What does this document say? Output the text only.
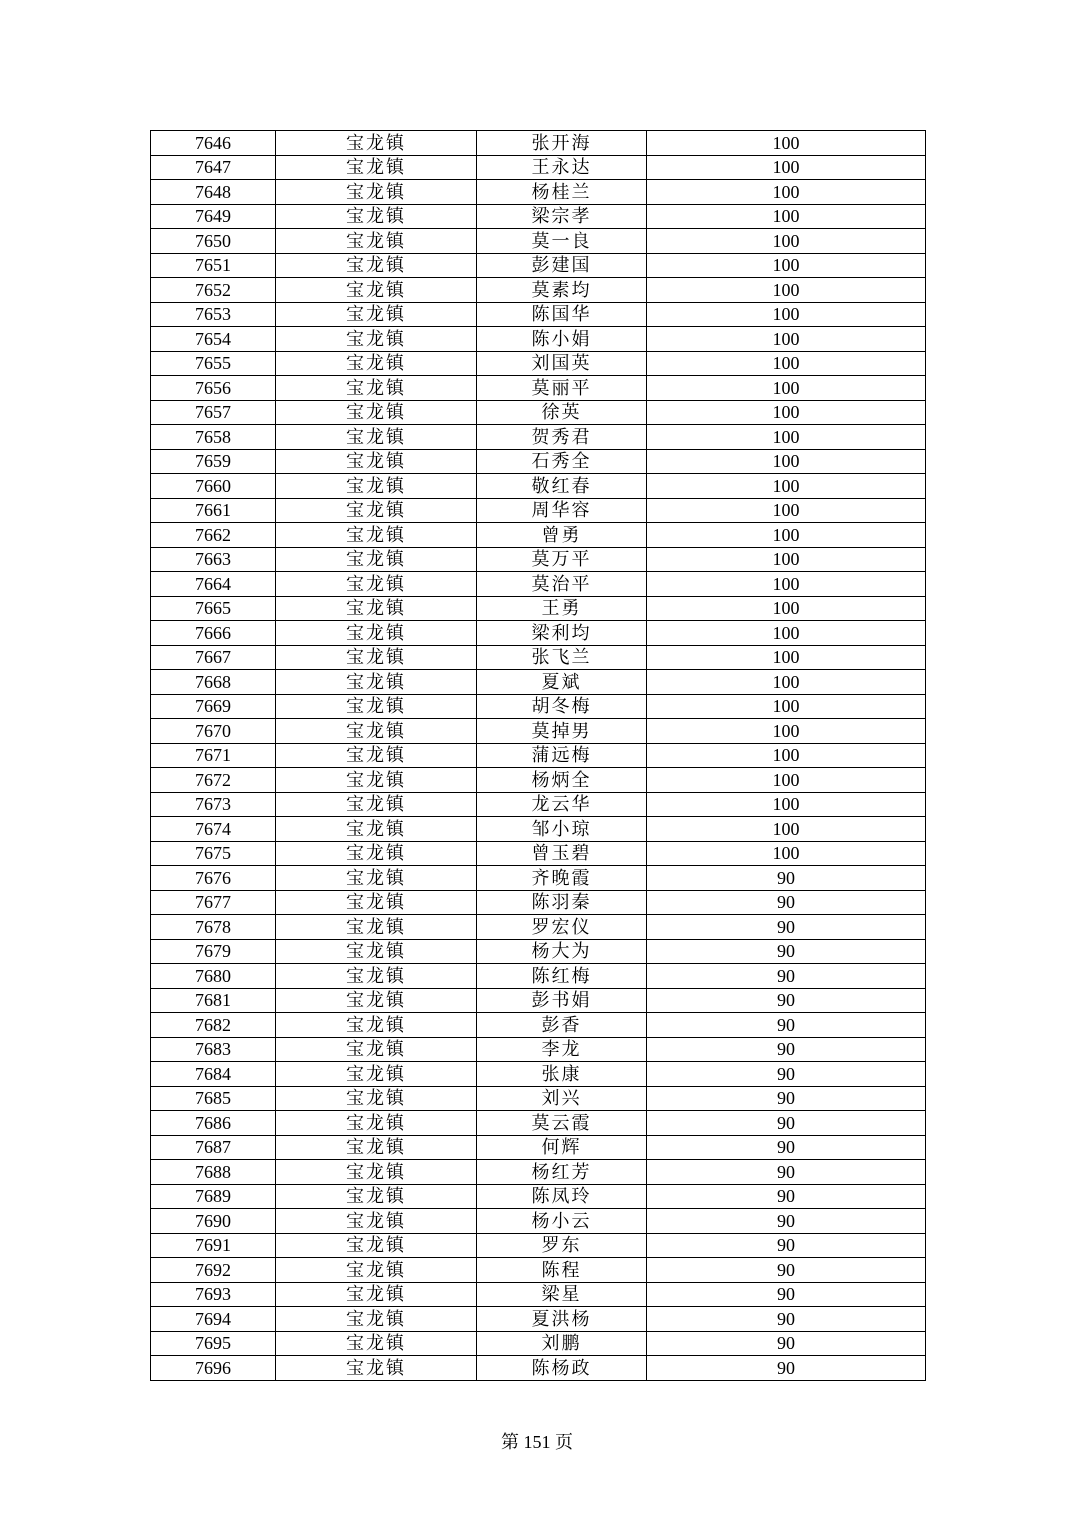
7646	宝龙镇	张开海	100
7647	宝龙镇	王永达	100
7648	宝龙镇	杨桂兰	100
7649	宝龙镇	梁宗孝	100
7650	宝龙镇	莫一良	100
7651	宝龙镇	彭建国	100
7652	宝龙镇	莫素均	100
7653	宝龙镇	陈国华	100
7654	宝龙镇	陈小娟	100
7655	宝龙镇	刘国英	100
7656	宝龙镇	莫丽平	100
7657	宝龙镇	徐英	100
7658	宝龙镇	贺秀君	100
7659	宝龙镇	石秀全	100
7660	宝龙镇	敬红春	100
7661	宝龙镇	周华容	100
7662	宝龙镇	曾勇	100
7663	宝龙镇	莫万平	100
7664	宝龙镇	莫治平	100
7665	宝龙镇	王勇	100
7666	宝龙镇	梁利均	100
7667	宝龙镇	张飞兰	100
7668	宝龙镇	夏斌	100
7669	宝龙镇	胡冬梅	100
7670	宝龙镇	莫掉男	100
7671	宝龙镇	蒲远梅	100
7672	宝龙镇	杨炳全	100
7673	宝龙镇	龙云华	100
7674	宝龙镇	邹小琼	100
7675	宝龙镇	曾玉碧	100
7676	宝龙镇	齐晚霞	90
7677	宝龙镇	陈羽秦	90
7678	宝龙镇	罗宏仪	90
7679	宝龙镇	杨大为	90
7680	宝龙镇	陈红梅	90
7681	宝龙镇	彭书娟	90
7682	宝龙镇	彭香	90
7683	宝龙镇	李龙	90
7684	宝龙镇	张康	90
7685	宝龙镇	刘兴	90
7686	宝龙镇	莫云霞	90
7687	宝龙镇	何辉	90
7688	宝龙镇	杨红芳	90
7689	宝龙镇	陈凤玲	90
7690	宝龙镇	杨小云	90
7691	宝龙镇	罗东	90
7692	宝龙镇	陈程	90
7693	宝龙镇	梁星	90
7694	宝龙镇	夏洪杨	90
7695	宝龙镇	刘鹏	90
7696	宝龙镇	陈杨政	90
第 151 页
